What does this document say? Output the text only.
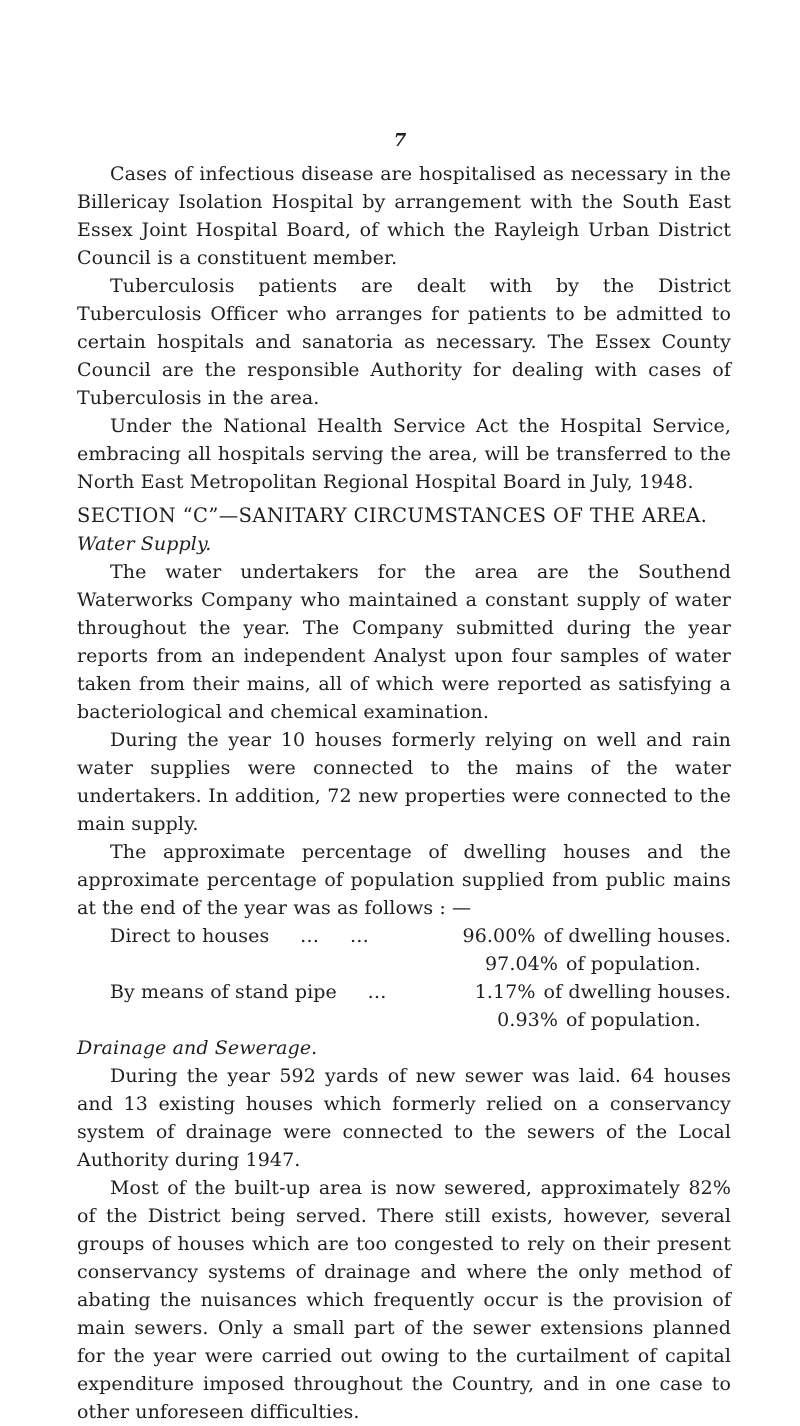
7

Cases of infectious disease are hospitalised as necessary in the Billericay Isolation Hospital by arrangement with the South East Essex Joint Hospital Board, of which the Rayleigh Urban District Council is a constituent member.

Tuberculosis patients are dealt with by the District Tuberculosis Officer who arranges for patients to be admitted to certain hospitals and sanatoria as necessary. The Essex County Council are the responsible Authority for dealing with cases of Tuberculosis in the area.

Under the National Health Service Act the Hospital Service, embracing all hospitals serving the area, will be transferred to the North East Metropolitan Regional Hospital Board in July, 1948.

SECTION “C”—SANITARY CIRCUMSTANCES OF THE AREA.
Water Supply.

The water undertakers for the area are the Southend Waterworks Company who maintained a constant supply of water throughout the year. The Company submitted during the year reports from an independent Analyst upon four samples of water taken from their mains, all of which were reported as satisfying a bacteriological and chemical examination.

During the year 10 houses formerly relying on well and rain water supplies were connected to the mains of the water undertakers. In addition, 72 new properties were connected to the main supply.

The approximate percentage of dwelling houses and the approximate percentage of population supplied from public mains at the end of the year was as follows : —

Direct to houses     …     …	96.00% of dwelling houses.
97.04% of population.
By means of stand pipe     …	1.17% of dwelling houses.
0.93% of population.
Drainage and Sewerage.

During the year 592 yards of new sewer was laid. 64 houses and 13 existing houses which formerly relied on a conservancy system of drainage were connected to the sewers of the Local Authority during 1947.

Most of the built-up area is now sewered, approximately 82% of the District being served. There still exists, however, several groups of houses which are too congested to rely on their present conservancy systems of drainage and where the only method of abating the nuisances which frequently occur is the provision of main sewers. Only a small part of the sewer extensions planned for the year were carried out owing to the curtailment of capital expenditure imposed throughout the Country, and in one case to other unforeseen difficulties.
